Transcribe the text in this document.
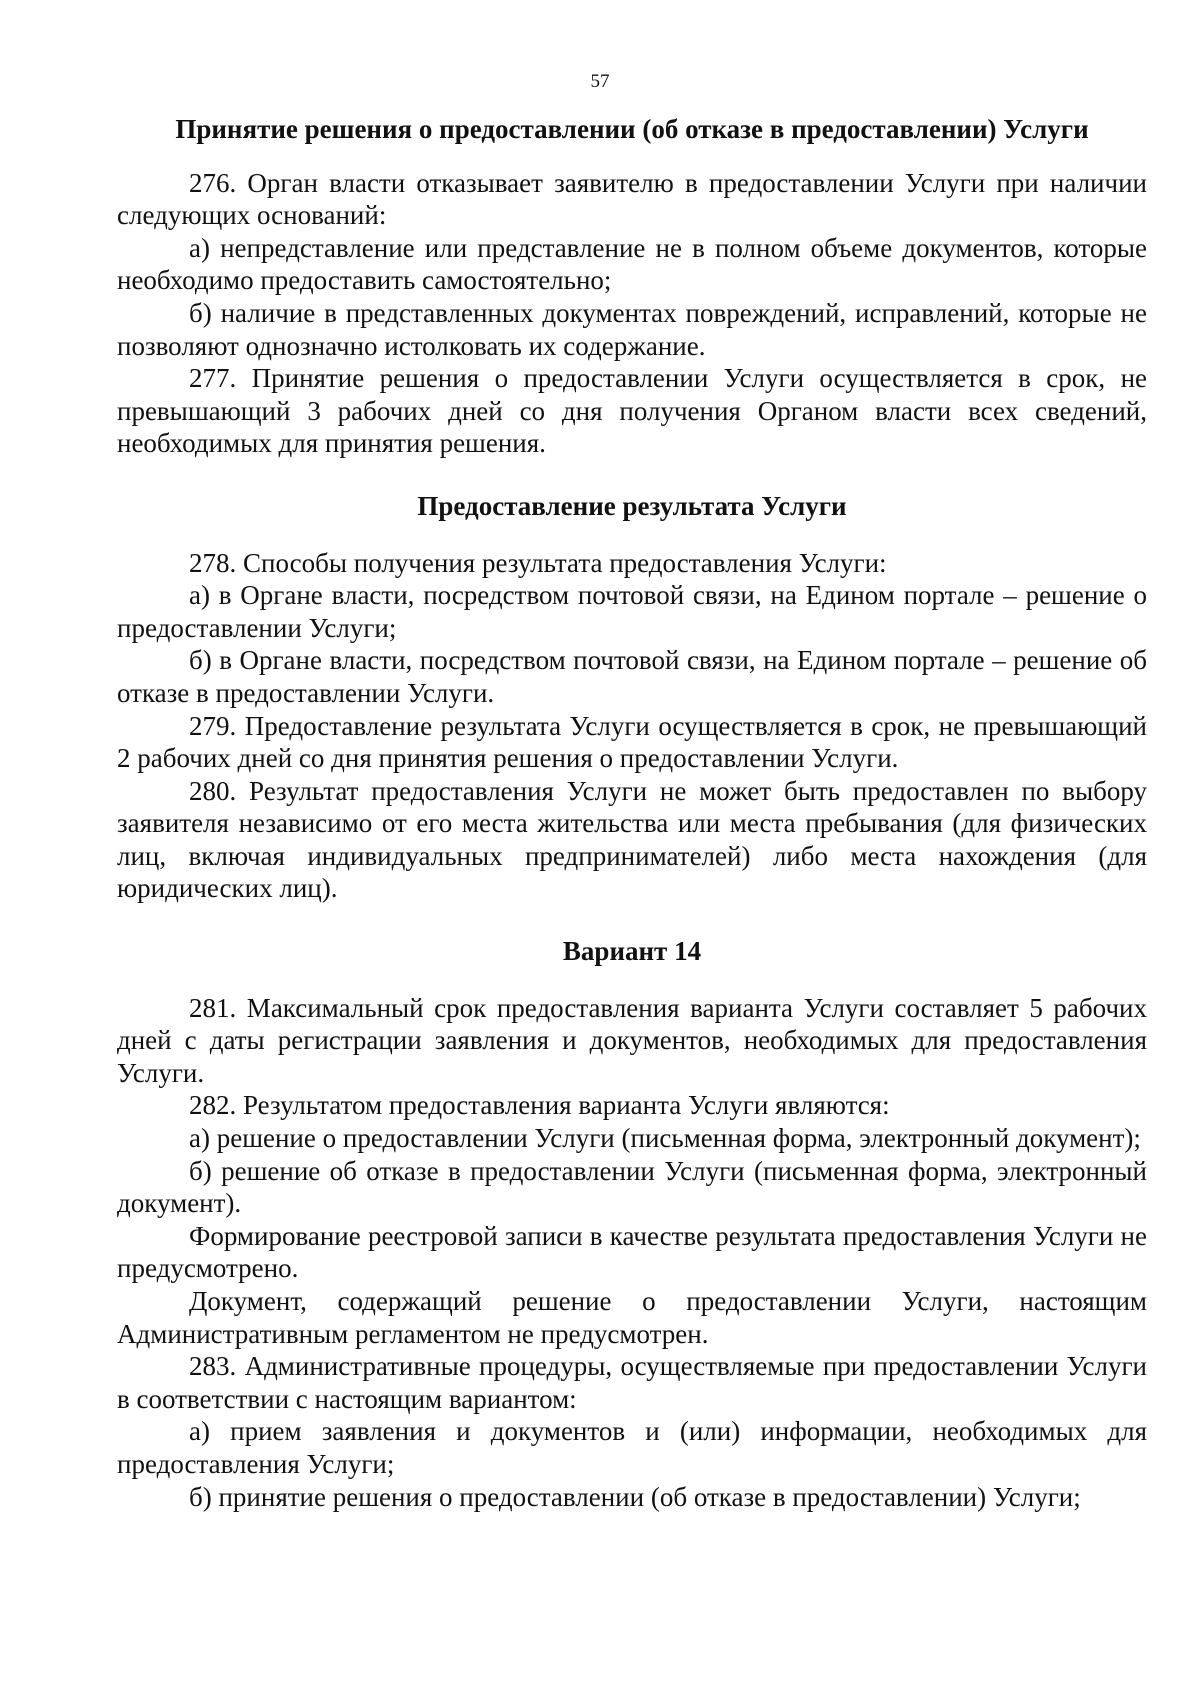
57
Принятие решения о предоставлении (об отказе в предоставлении) Услуги

276. Орган власти отказывает заявителю в предоставлении Услуги при наличии следующих оснований:

а) непредставление или представление не в полном объеме документов, которые необходимо предоставить самостоятельно;

б) наличие в представленных документах повреждений, исправлений, которые не позволяют однозначно истолковать их содержание.

277. Принятие решения о предоставлении Услуги осуществляется в срок, не превышающий 3 рабочих дней со дня получения Органом власти всех сведений, необходимых для принятия решения.

Предоставление результата Услуги

278. Способы получения результата предоставления Услуги:

а) в Органе власти, посредством почтовой связи, на Едином портале – решение о предоставлении Услуги;

б) в Органе власти, посредством почтовой связи, на Едином портале – решение об отказе в предоставлении Услуги.

279. Предоставление результата Услуги осуществляется в срок, не превышающий 2 рабочих дней со дня принятия решения о предоставлении Услуги.

280. Результат предоставления Услуги не может быть предоставлен по выбору заявителя независимо от его места жительства или места пребывания (для физических лиц, включая индивидуальных предпринимателей) либо места нахождения (для юридических лиц).

Вариант 14

281. Максимальный срок предоставления варианта Услуги составляет 5 рабочих дней с даты регистрации заявления и документов, необходимых для предоставления Услуги.

282. Результатом предоставления варианта Услуги являются:

а) решение о предоставлении Услуги (письменная форма, электронный документ);

б) решение об отказе в предоставлении Услуги (письменная форма, электронный документ).

Формирование реестровой записи в качестве результата предоставления Услуги не предусмотрено.

Документ, содержащий решение о предоставлении Услуги, настоящим Административным регламентом не предусмотрен.

283. Административные процедуры, осуществляемые при предоставлении Услуги в соответствии с настоящим вариантом:

а) прием заявления и документов и (или) информации, необходимых для предоставления Услуги;

б) принятие решения о предоставлении (об отказе в предоставлении) Услуги;
